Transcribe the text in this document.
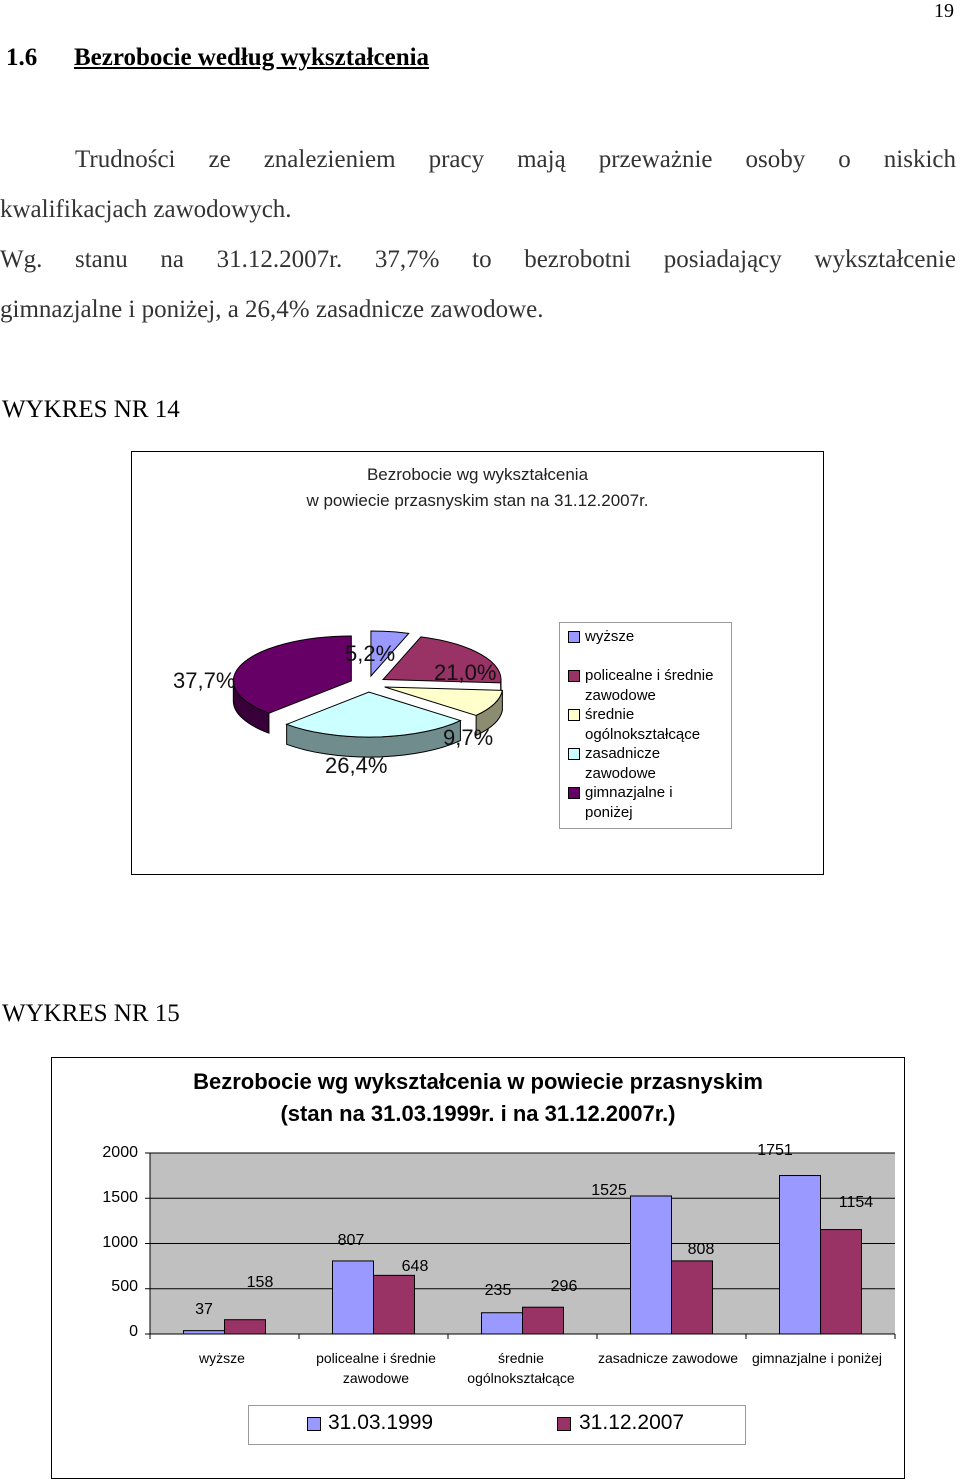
19
1.6 Bezrobocie według wykształcenia

Trudności ze znalezieniem pracy mają przeważnie osoby o niskich

kwalifikacjach zawodowych.

Wg. stanu na 31.12.2007r. 37,7% to bezrobotni posiadający wykształcenie

gimnazjalne i poniżej, a 26,4% zasadnicze zawodowe.

WYKRES NR 14
Bezrobocie wg wykształcenia
w powiecie przasnyskim stan na 31.12.2007r.
37,7%
5,2%
21,0%
9,7%
26,4%
wyższe
policealne i średnie
zawodowe
średnie
ogólnokształcące
zasadnicze
zawodowe
gimnazjalne i
poniżej
WYKRES NR 15
Bezrobocie wg wykształcenia w powiecie przasnyskim
(stan na 31.03.1999r. i na 31.12.2007r.)
0
500
1000
1500
2000
37
158
807
648
235	296
1525
808
1751
1154
wyższe	policealne i średnie
zawodowe
średnie
ogólnokształcące
zasadnicze zawodowe gimnazjalne i poniżej
31.03.1999	31.12.2007
